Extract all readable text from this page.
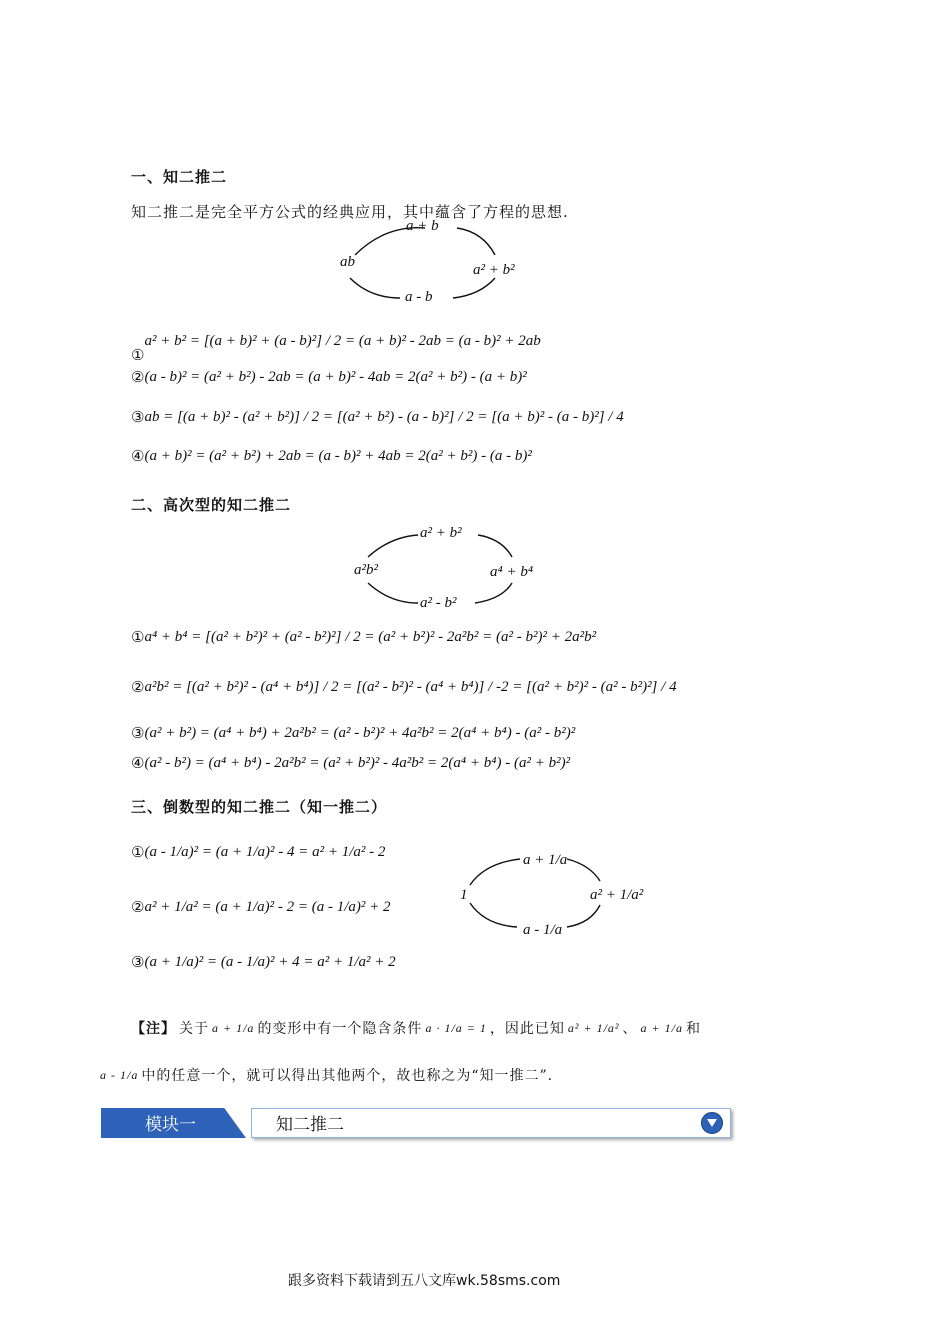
一、知二推二
知二推二是完全平方公式的经典应用，其中蕴含了方程的思想.
a + b
ab	a² + b²
a - b
①
a² + b² = [(a + b)² + (a - b)²] / 2 = (a + b)² - 2ab = (a - b)² + 2ab
② (a - b)² = (a² + b²) - 2ab = (a + b)² - 4ab = 2(a² + b²) - (a + b)²
③ ab = [(a + b)² - (a² + b²)] / 2 = [(a² + b²) - (a - b)²] / 2 = [(a + b)² - (a - b)²] / 4
④ (a + b)² = (a² + b²) + 2ab = (a - b)² + 4ab = 2(a² + b²) - (a - b)²
二、高次型的知二推二
a² + b²
a²b²	a⁴ + b⁴
a² - b²
① a⁴ + b⁴ = [(a² + b²)² + (a² - b²)²] / 2 = (a² + b²)² - 2a²b² = (a² - b²)² + 2a²b²
② a²b² = [(a² + b²)² - (a⁴ + b⁴)] / 2 = [(a² - b²)² - (a⁴ + b⁴)] / -2 = [(a² + b²)² - (a² - b²)²] / 4
③ (a² + b²) = (a⁴ + b⁴) + 2a²b² = (a² - b²)² + 4a²b² = 2(a⁴ + b⁴) - (a² - b²)²
④ (a² - b²) = (a⁴ + b⁴) - 2a²b² = (a² + b²)² - 4a²b² = 2(a⁴ + b⁴) - (a² + b²)²
三、倒数型的知二推二（知一推二）
① (a - 1/a)² = (a + 1/a)² - 4 = a² + 1/a² - 2
② a² + 1/a² = (a + 1/a)² - 2 = (a - 1/a)² + 2
③ (a + 1/a)² = (a - 1/a)² + 4 = a² + 1/a² + 2
a + 1/a
1	a² + 1/a²
a - 1/a
【注】 关于 a + 1/a 的变形中有一个隐含条件 a · 1/a = 1 ，因此已知 a² + 1/a² 、 a + 1/a 和
a - 1/a 中的任意一个，就可以得出其他两个，故也称之为“知一推二”.
模块一	知二推二
跟多资料下载请到五八文库wk.58sms.com
